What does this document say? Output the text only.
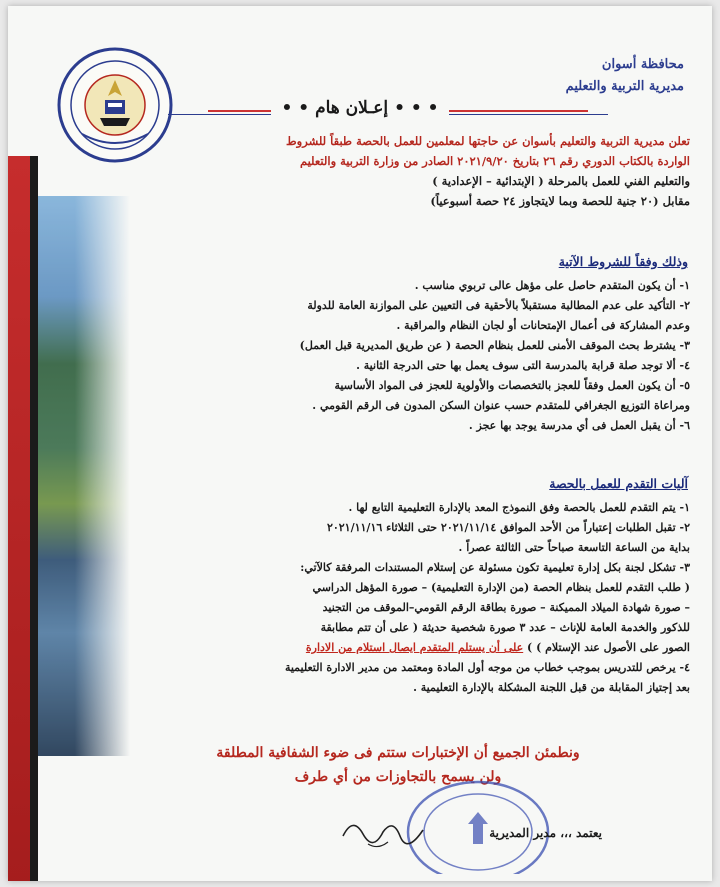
محافظة أسوان
مديرية التربية والتعليم
• • • إعـلان هام • •

تعلن مديرية التربية والتعليم بأسوان عن حاجتها لمعلمين للعمل بالحصة طبقاً للشروط

الواردة بالكتاب الدوري رقم ٢٦ بتاريخ ٢٠٢١/٩/٢٠ الصادر من وزارة التربية والتعليم

والتعليم الفني للعمل بالمرحلة ( الإبتدائية – الإعدادية )

مقابل (٢٠ جنية للحصة وبما لايتجاوز ٢٤ حصة أسبوعياً)

وذلك وفقاً للشروط الآتية

١- أن يكون المتقدم حاصل على مؤهل عالى تربوي مناسب .

٢- التأكيد على عدم المطالبة مستقبلاً بالأحقية فى التعيين على الموازنة العامة للدولة

وعدم المشاركة فى أعمال الإمتحانات أو لجان النظام والمراقبة .

٣- يشترط بحث الموقف الأمنى للعمل بنظام الحصة ( عن طريق المديرية قبل العمل)

٤- ألا توجد صلة قرابة بالمدرسة التى سوف يعمل بها حتى الدرجة الثانية .

٥- أن يكون العمل وفقاً للعجز بالتخصصات والأولوية للعجز فى المواد الأساسية

ومراعاة التوزيع الجغرافي للمتقدم حسب عنوان السكن المدون فى الرقم القومي .

٦- أن يقبل العمل فى أي مدرسة يوجد بها عجز .

آليات التقدم للعمل بالحصة

١- يتم التقدم للعمل بالحصة وفق النموذج المعد بالإدارة التعليمية التابع لها .

٢- تقبل الطلبات إعتباراً من الأحد الموافق ٢٠٢١/١١/١٤ حتى الثلاثاء ٢٠٢١/١١/١٦

بداية من الساعة التاسعة صباحاً حتى الثالثة عصراً .

٣- تشكل لجنة بكل إدارة تعليمية تكون مسئولة عن إستلام المستندات المرفقة كالآتي:

( طلب التقدم للعمل بنظام الحصة (من الإدارة التعليمية) – صورة المؤهل الدراسي

– صورة شهادة الميلاد المميكنة – صورة بطاقة الرقم القومي–الموقف من التجنيد

للذكور والخدمة العامة للإناث – عدد ٣ صورة شخصية حديثة ( على أن تتم مطابقة

الصور على الأصول عند الإستلام ) ) على أن يستلم المتقدم ايصال استلام من الادارة

٤- يرخص للتدريس بموجب خطاب من موجه أول المادة ومعتمد من مدير الادارة التعليمية

بعد إجتياز المقابلة من قبل اللجنة المشكلة بالإدارة التعليمية .

ونطمئن الجميع أن الإختبارات ستتم فى ضوء الشفافية المطلقة

ولن يسمح بالتجاوزات من أي طرف

يعتمد ،،، مدير المديرية
